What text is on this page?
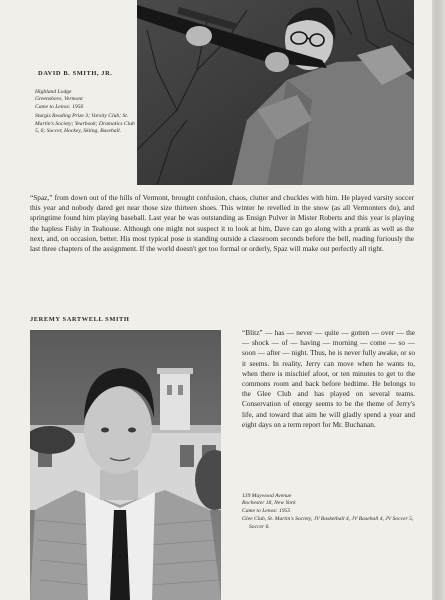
DAVID B. SMITH, JR.
Highland Lodge
Greensboro, Vermont
Came to Lenox: 1956
Sturgis Reading Prize 3; Varsity Club; St. Martin's Society; Yearbook; Dramatics Club 5, 6; Soccer, Hockey, Skiing, Baseball.

“Spaz,” from down out of the hills of Vermont, brought confusion, chaos, clutter and chuckles with him. He played varsity soccer this year and nobody dared get near those size thirteen shoes. This winter he revelled in the snow (as all Vermonters do), and springtime found him playing baseball. Last year he was outstanding as Ensign Pulver in Mister Roberts and this year is playing the hapless Fishy in Teahouse. Although one might not suspect it to look at him, Dave can go along with a prank as well as the next, and, on occasion, better. His most typical pose is standing outside a classroom seconds before the bell, reading furiously the last three chapters of the assignment. If the world doesn't get too formal or orderly, Spaz will make out perfectly all right.

JEREMY SARTWELL SMITH

“Blitz” — has — never — quite — gotten — over — the — shock — of — having — morning — come — so — soon — after — night. Thus, he is never fully awake, or so it seems. In reality, Jerry can move when he wants to, when there is mischief afoot, or ten minutes to get to the commons room and back before bedtime. He belongs to the Glee Club and has played on several teams. Conservation of energy seems to be the theme of Jerry's life, and toward that aim he will gladly spend a year and eight days on a term report for Mr. Buchanan.

139 Maywood Avenue
Rochester 18, New York
Came to Lenox: 1955
Glee Club, St. Martin's Society, JV Basketball 4, JV Baseball 4, JV Soccer 5, Soccer 6.
